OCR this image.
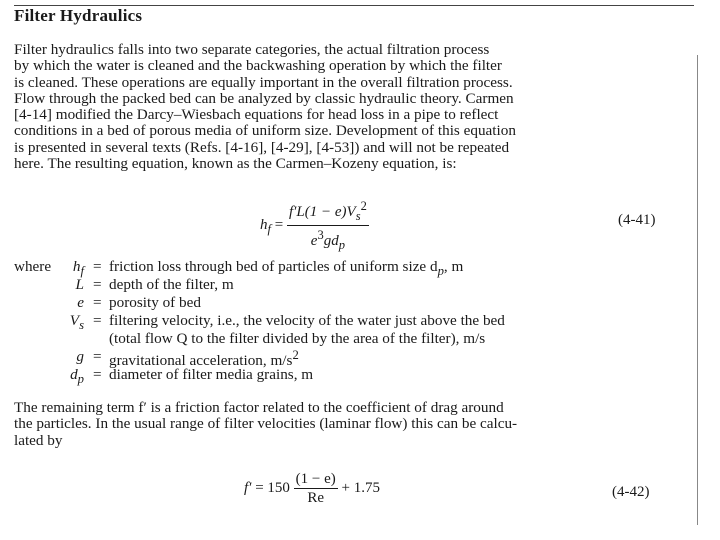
Filter Hydraulics
Filter hydraulics falls into two separate categories, the actual filtration process
by which the water is cleaned and the backwashing operation by which the filter
is cleaned. These operations are equally important in the overall filtration process.
Flow through the packed bed can be analyzed by classic hydraulic theory. Carmen
[4-14] modified the Darcy–Wiesbach equations for head loss in a pipe to reflect
conditions in a bed of porous media of uniform size. Development of this equation
is presented in several texts (Refs. [4-16], [4-29], [4-53]) and will not be repeated
here. The resulting equation, known as the Carmen–Kozeny equation, is:
$h_f = \frac{f'L(1 - e)V_s^2}{e^3gd_p}$	(4-41)
where	$h_f$ = friction loss through bed of particles of uniform size $d_p$, m
L = depth of the filter, m
e = porosity of bed
$V_s$ = filtering velocity, i.e., the velocity of the water just above the bed
(total flow Q to the filter divided by the area of the filter), m/s
g = gravitational acceleration, $m/s^2$
$d_p$ = diameter of filter media grains, m
The remaining term f′ is a friction factor related to the coefficient of drag around
the particles. In the usual range of filter velocities (laminar flow) this can be calcu-
lated by
$f' = 150 \frac{(1 - e)}{Re} + 1.75$	(4-42)
